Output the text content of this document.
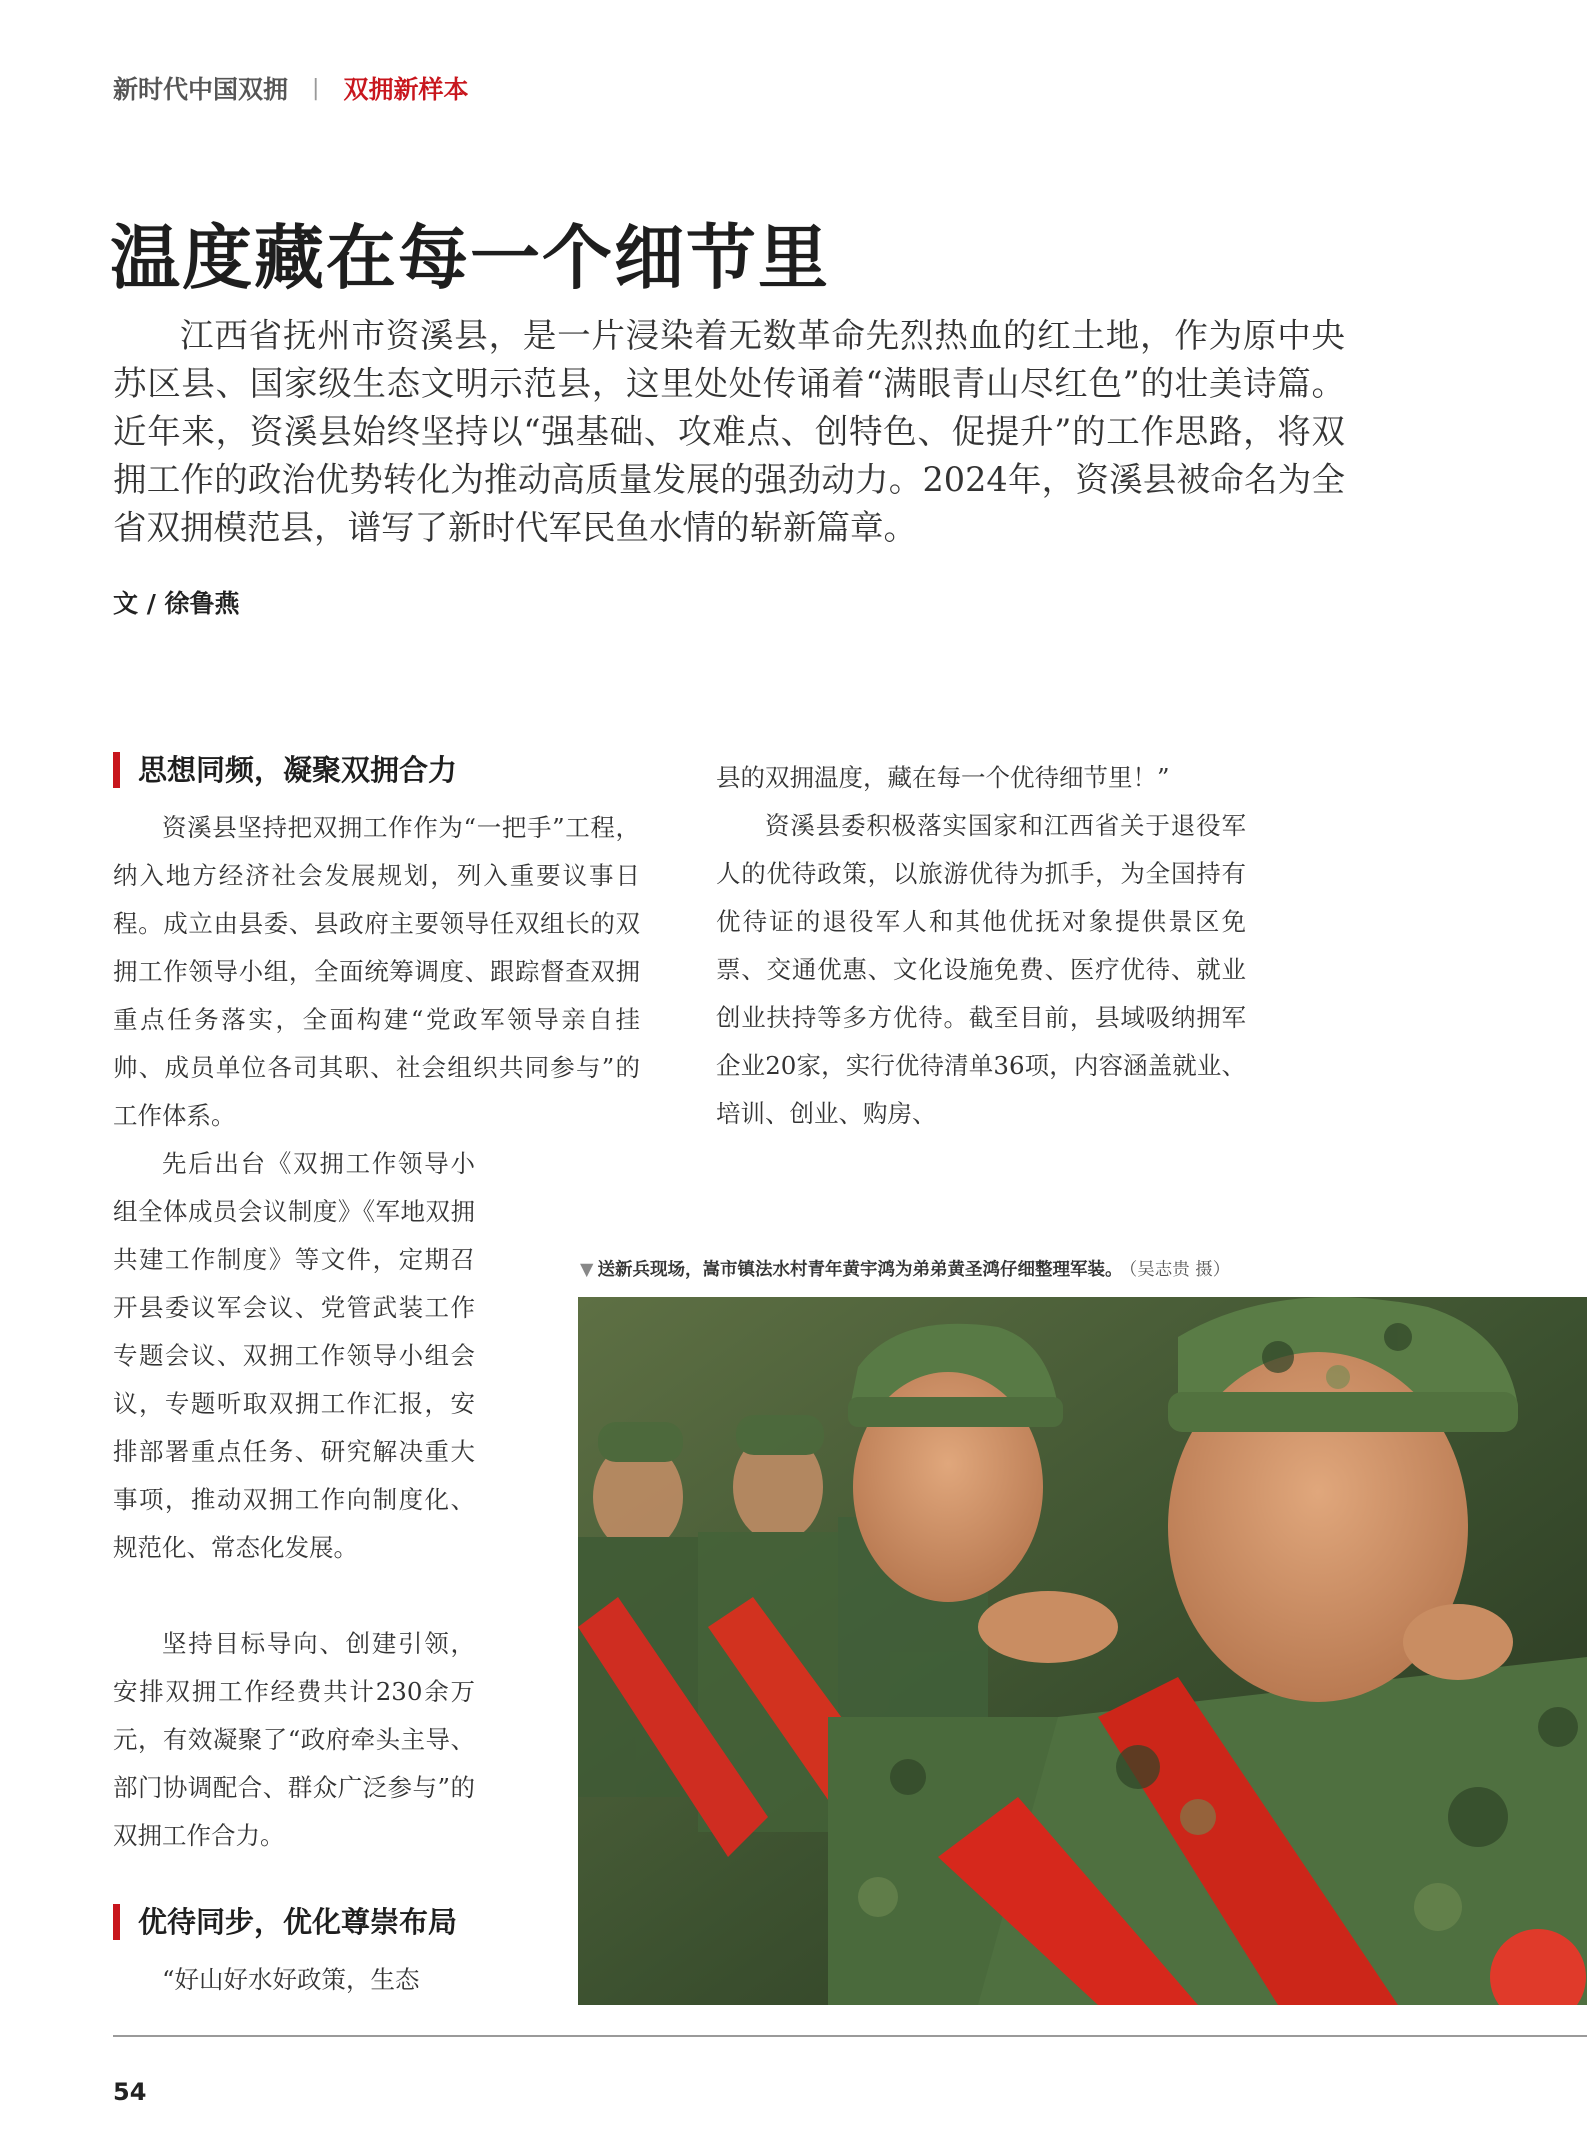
新时代中国双拥 | 双拥新样本
温度藏在每一个细节里

江西省抚州市资溪县，是一片浸染着无数革命先烈热血的红土地，作为原中央苏区县、国家级生态文明示范县，这里处处传诵着“满眼青山尽红色”的壮美诗篇。近年来，资溪县始终坚持以“强基础、攻难点、创特色、促提升”的工作思路，将双拥工作的政治优势转化为推动高质量发展的强劲动力。2024年，资溪县被命名为全省双拥模范县，谱写了新时代军民鱼水情的崭新篇章。

文 / 徐鲁燕
思想同频，凝聚双拥合力

资溪县坚持把双拥工作作为“一把手”工程，纳入地方经济社会发展规划，列入重要议事日程。成立由县委、县政府主要领导任双组长的双拥工作领导小组，全面统筹调度、跟踪督查双拥重点任务落实，全面构建“党政军领导亲自挂帅、成员单位各司其职、社会组织共同参与”的工作体系。

先后出台《双拥工作领导小组全体成员会议制度》《军地双拥共建工作制度》等文件，定期召开县委议军会议、党管武装工作专题会议、双拥工作领导小组会议，专题听取双拥工作汇报，安排部署重点任务、研究解决重大事项，推动双拥工作向制度化、规范化、常态化发展。

坚持目标导向、创建引领，安排双拥工作经费共计230余万元，有效凝聚了“政府牵头主导、部门协调配合、群众广泛参与”的双拥工作合力。

优待同步，优化尊崇布局

“好山好水好政策，生态

县的双拥温度，藏在每一个优待细节里！”

资溪县委积极落实国家和江西省关于退役军人的优待政策，以旅游优待为抓手，为全国持有优待证的退役军人和其他优抚对象提供景区免票、交通优惠、文化设施免费、医疗优待、就业创业扶持等多方优待。截至目前，县域吸纳拥军企业20家，实行优待清单36项，内容涵盖就业、培训、创业、购房、

▼ 送新兵现场，嵩市镇法水村青年黄宇鸿为弟弟黄圣鸿仔细整理军装。 （吴志贵 摄）
54
